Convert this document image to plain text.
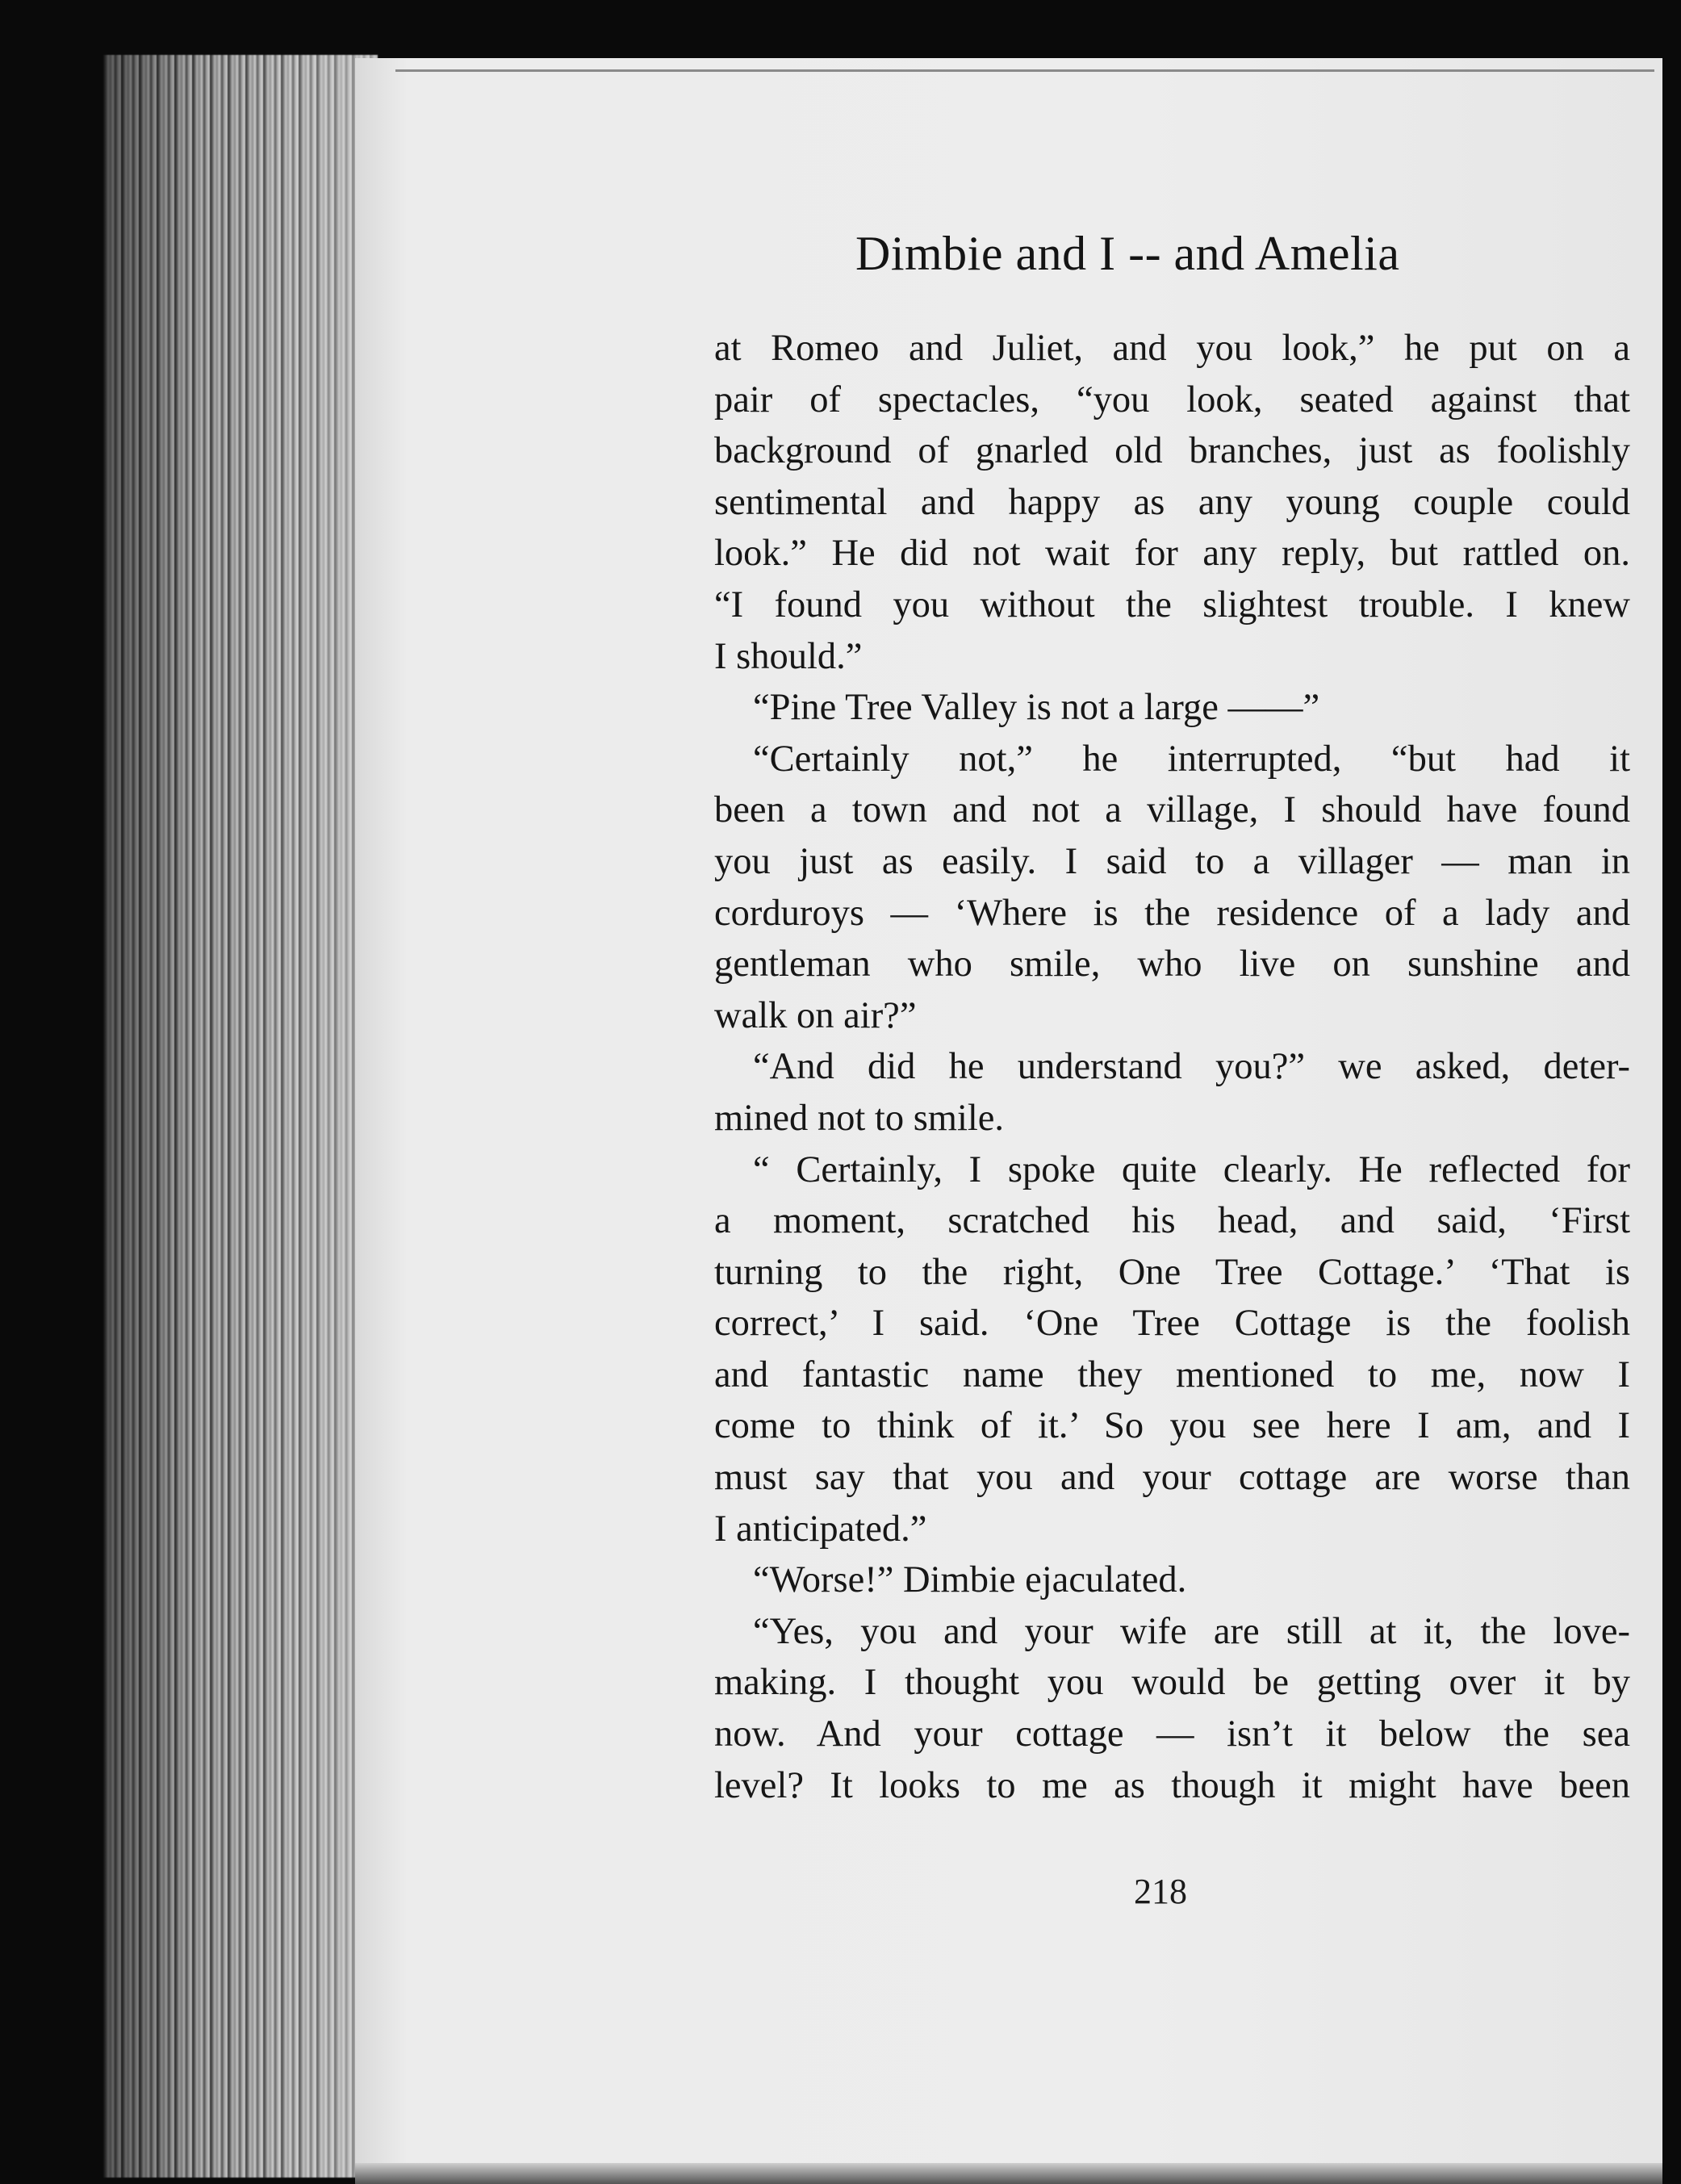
Dimbie and I -- and Amelia
at Romeo and Juliet, and you look,” he put on a
pair of spectacles, “you look, seated against that
background of gnarled old branches, just as foolishly
sentimental and happy as any young couple could
look.” He did not wait for any reply, but rattled on.
“I found you without the slightest trouble. I knew
I should.”
“Pine Tree Valley is not a large ——”
“Certainly not,” he interrupted, “but had it
been a town and not a village, I should have found
you just as easily. I said to a villager — man in
corduroys — ‘Where is the residence of a lady and
gentleman who smile, who live on sunshine and
walk on air?”
“And did he understand you?” we asked, deter-
mined not to smile.
“ Certainly, I spoke quite clearly. He reflected for
a moment, scratched his head, and said, ‘First
turning to the right, One Tree Cottage.’ ‘That is
correct,’ I said. ‘One Tree Cottage is the foolish
and fantastic name they mentioned to me, now I
come to think of it.’ So you see here I am, and I
must say that you and your cottage are worse than
I anticipated.”
“Worse!” Dimbie ejaculated.
“Yes, you and your wife are still at it, the love-
making. I thought you would be getting over it by
now. And your cottage — isn’t it below the sea
level? It looks to me as though it might have been
218
